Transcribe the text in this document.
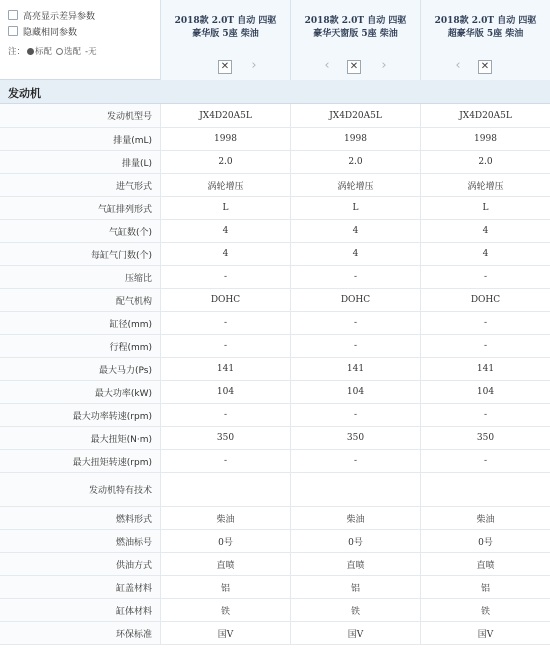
高亮显示差异参数
隐藏相同参数
注： 标配 选配 -无
2018款 2.0T 自动 四驱
豪华版 5座 柴油
✕	›
2018款 2.0T 自动 四驱
豪华天窗版 5座 柴油
‹	✕	›
2018款 2.0T 自动 四驱
超豪华版 5座 柴油
‹	✕
发动机
发动机型号	JX4D20A5L	JX4D20A5L	JX4D20A5L
排量(mL)	1998	1998	1998
排量(L)	2.0	2.0	2.0
进气形式	涡轮增压	涡轮增压	涡轮增压
气缸排列形式	L	L	L
气缸数(个)	4	4	4
每缸气门数(个)	4	4	4
压缩比	-	-	-
配气机构	DOHC	DOHC	DOHC
缸径(mm)	-	-	-
行程(mm)	-	-	-
最大马力(Ps)	141	141	141
最大功率(kW)	104	104	104
最大功率转速(rpm)	-	-	-
最大扭矩(N·m)	350	350	350
最大扭矩转速(rpm)	-	-	-
发动机特有技术
燃料形式	柴油	柴油	柴油
燃油标号	0号	0号	0号
供油方式	直喷	直喷	直喷
缸盖材料	铝	铝	铝
缸体材料	铁	铁	铁
环保标准	国V	国V	国V
